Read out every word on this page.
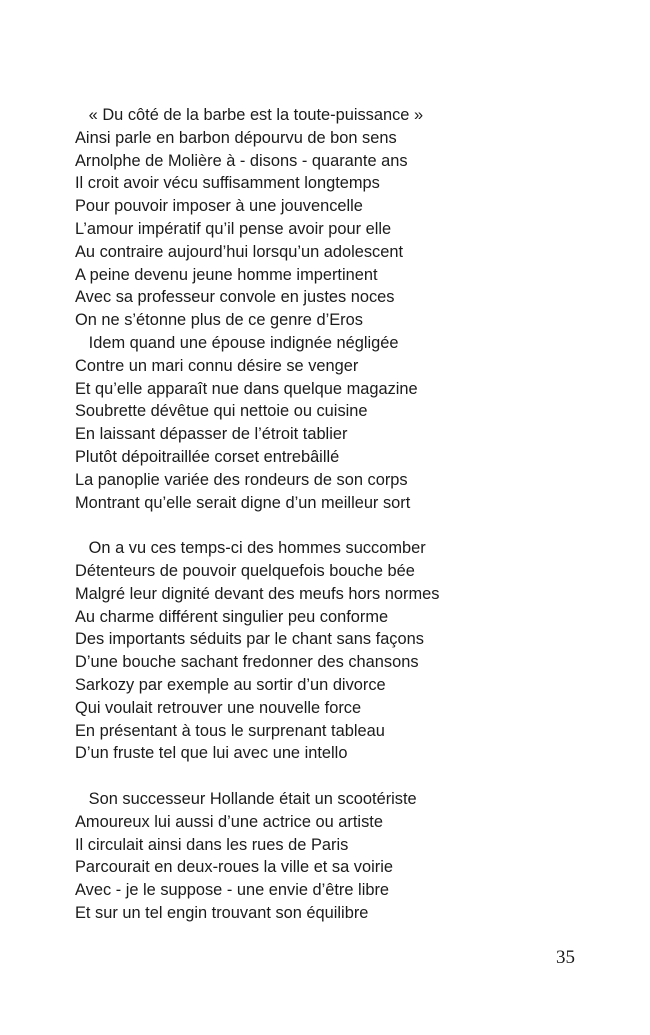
« Du côté de la barbe est la toute-puissance »
Ainsi parle en barbon dépourvu de bon sens
Arnolphe de Molière à - disons - quarante ans
Il croit avoir vécu suffisamment longtemps
Pour pouvoir imposer à une jouvencelle
L’amour impératif qu’il pense avoir pour elle
Au contraire aujourd’hui lorsqu’un adolescent
A peine devenu jeune homme impertinent
Avec sa professeur convole en justes noces
On ne s’étonne plus de ce genre d’Eros
Idem quand une épouse indignée négligée
Contre un mari connu désire se venger
Et qu’elle apparaît nue dans quelque magazine
Soubrette dévêtue qui nettoie ou cuisine
En laissant dépasser de l’étroit tablier
Plutôt dépoitraillée corset entrebâillé
La panoplie variée des rondeurs de son corps
Montrant qu’elle serait digne d’un meilleur sort
On a vu ces temps-ci des hommes succomber
Détenteurs de pouvoir quelquefois bouche bée
Malgré leur dignité devant des meufs hors normes
Au charme différent singulier peu conforme
Des importants séduits par le chant sans façons
D’une bouche sachant fredonner des chansons
Sarkozy par exemple au sortir d’un divorce
Qui voulait retrouver une nouvelle force
En présentant à tous le surprenant tableau
D’un fruste tel que lui avec une intello
Son successeur Hollande était un scootériste
Amoureux lui aussi d’une actrice ou artiste
Il circulait ainsi dans les rues de Paris
Parcourait en deux-roues la ville et sa voirie
Avec - je le suppose - une envie d’être libre
Et sur un tel engin trouvant son équilibre
35
